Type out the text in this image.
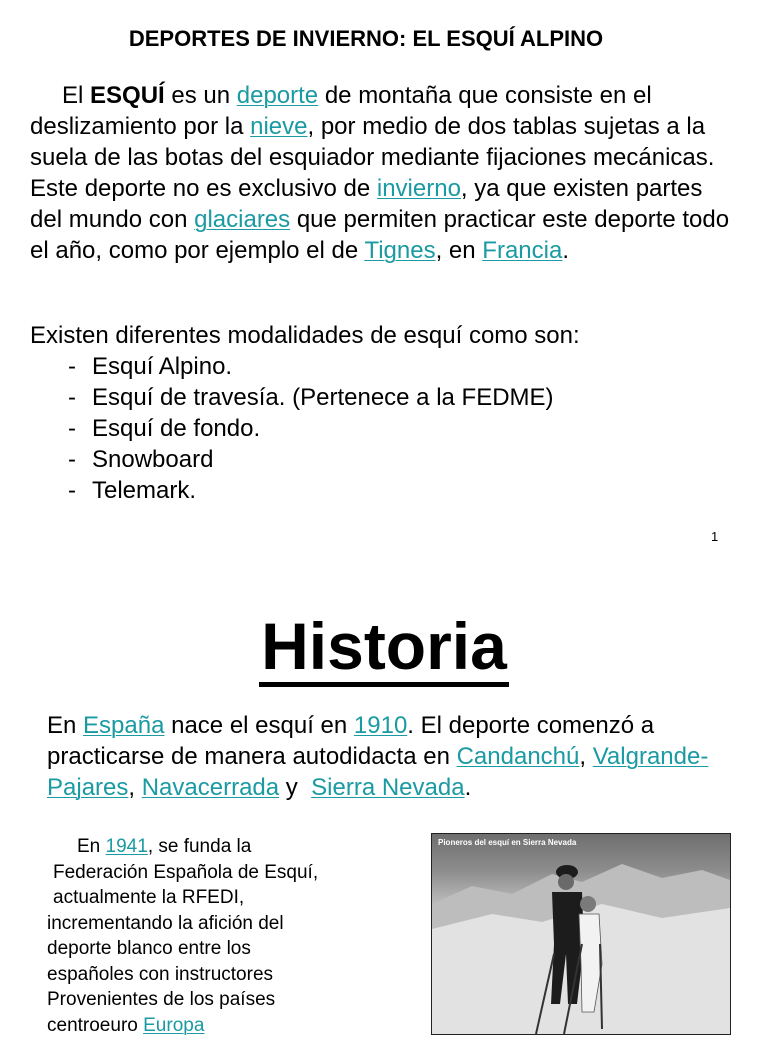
DEPORTES DE INVIERNO: EL ESQUÍ ALPINO

El ESQUÍ es un deporte de montaña que consiste en el deslizamiento por la nieve, por medio de dos tablas sujetas a la suela de las botas del esquiador mediante fijaciones mecánicas. Este deporte no es exclusivo de invierno, ya que existen partes del mundo con glaciares que permiten practicar este deporte todo el año, como por ejemplo el de Tignes, en Francia.

Existen diferentes modalidades de esquí como son:
- Esquí Alpino.
- Esquí de travesía. (Pertenece a la FEDME)
- Esquí de fondo.
- Snowboard
- Telemark.
1
Historia

En España nace el esquí en 1910. El deporte comenzó a practicarse de manera autodidacta en Candanchú, Valgrande-Pajares, Navacerrada y  Sierra Nevada.

En 1941, se funda la
Federación Española de Esquí,
actualmente la RFEDI,
incrementando la afición del
deporte blanco entre los
españoles con instructores
Provenientes de los países
centroeuro Europa
Pioneros del esquí en Sierra Nevada
